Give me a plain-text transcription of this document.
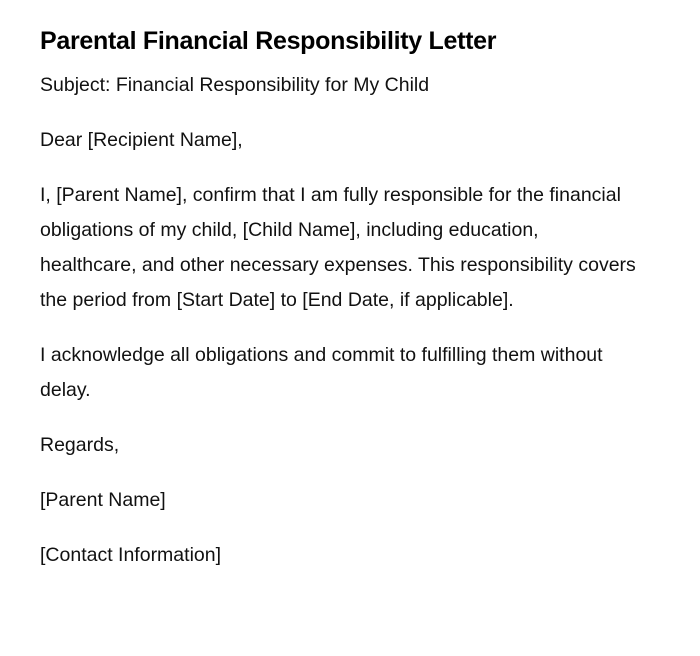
Parental Financial Responsibility Letter

Subject: Financial Responsibility for My Child

Dear [Recipient Name],

I, [Parent Name], confirm that I am fully responsible for the financial obligations of my child, [Child Name], including education, healthcare, and other necessary expenses. This responsibility covers the period from [Start Date] to [End Date, if applicable].

I acknowledge all obligations and commit to fulfilling them without delay.

Regards,

[Parent Name]

[Contact Information]
